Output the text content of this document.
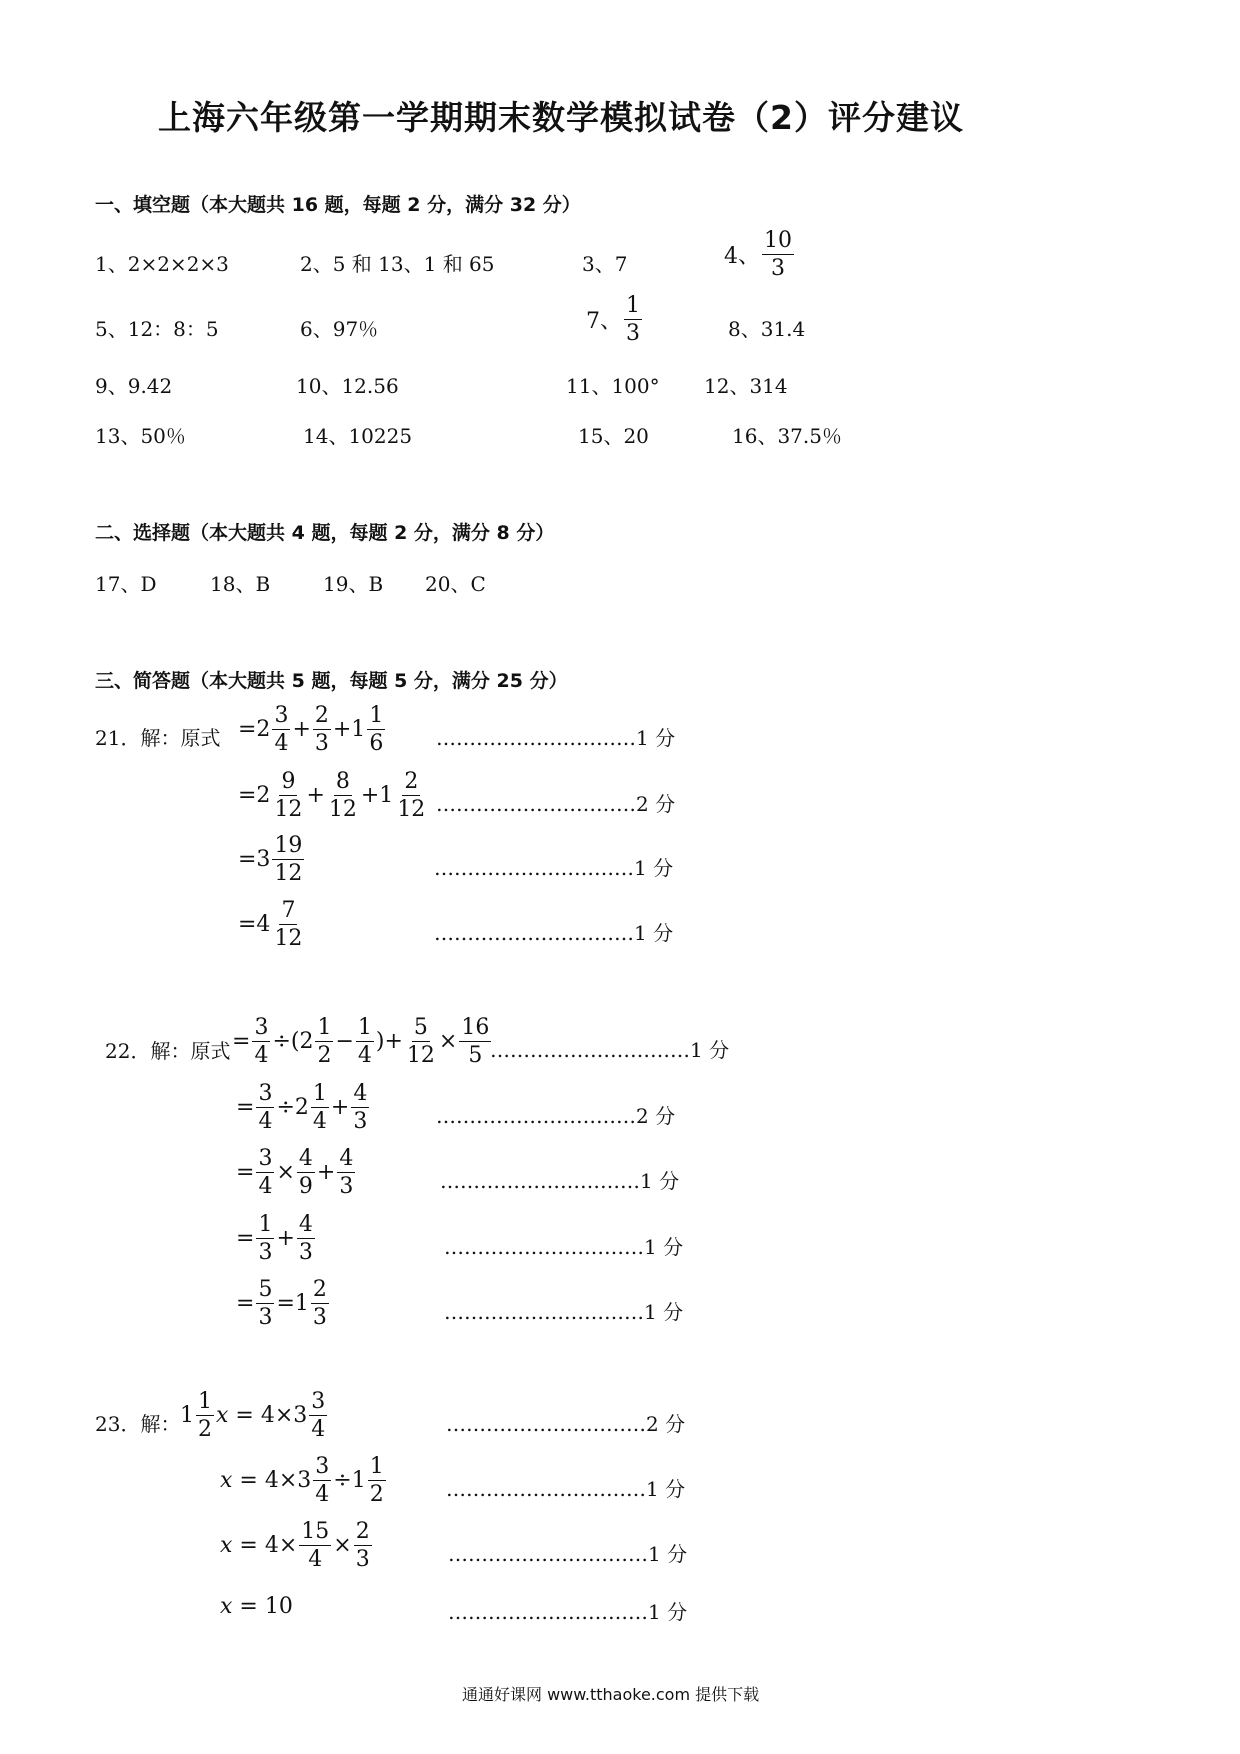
上海六年级第一学期期末数学模拟试卷（2）评分建议
一、填空题（本大题共 16 题，每题 2 分，满分 32 分）
1、2×2×2×3	2、5 和 13、1 和 65	3、7	4、 $\frac{10}{3}$
5、12：8：5	6、97％	7、 $\frac{1}{3}$	8、31.4
9、9.42	10、12.56	11、100° 12、314
13、50％	14、10225	15、20	16、37.5％
二、选择题（本大题共 4 题，每题 2 分，满分 8 分）
17、D	18、B	19、B 20、C
三、简答题（本大题共 5 题，每题 5 分，满分 25 分）
21．解：原式 $=2 \frac{3}{4} + \frac{2}{3} +1 \frac{1}{6}$	…………………………1 分
$=2 \frac{9}{12} + \frac{8}{12} +1 \frac{2}{12}$ …………………………2 分
$=3 \frac{19}{12}$	…………………………1 分
$=4 \frac{7}{12}$	…………………………1 分
22．解：原式 = $\frac{3}{4} \div(2 \frac{1}{2} - \frac{1}{4}$ )+ $\frac{5}{12} \times \frac{16}{5}$
…………………………1 分
= $\frac{3}{4} \div 2 \frac{1}{4} + \frac{4}{3}$	…………………………2 分
= $\frac{3}{4} \times \frac{4}{9} + \frac{4}{3}$	…………………………1 分
= $\frac{1}{3} + \frac{4}{3}$	…………………………1 分
= $\frac{5}{3} =1 \frac{2}{3}$	…………………………1 分
23．解： $1 \frac{1}{2}$ $x = 4\times 3 \frac{3}{4}$	…………………………2 分
$x = 4\times 3 \frac{3}{4} \div 1 \frac{1}{2}$	…………………………1 分
$x = 4\times \frac{15}{4} \times \frac{2}{3}$	…………………………1 分
x = 10	…………………………1 分
通通好课网 www.tthaoke.com 提供下载
